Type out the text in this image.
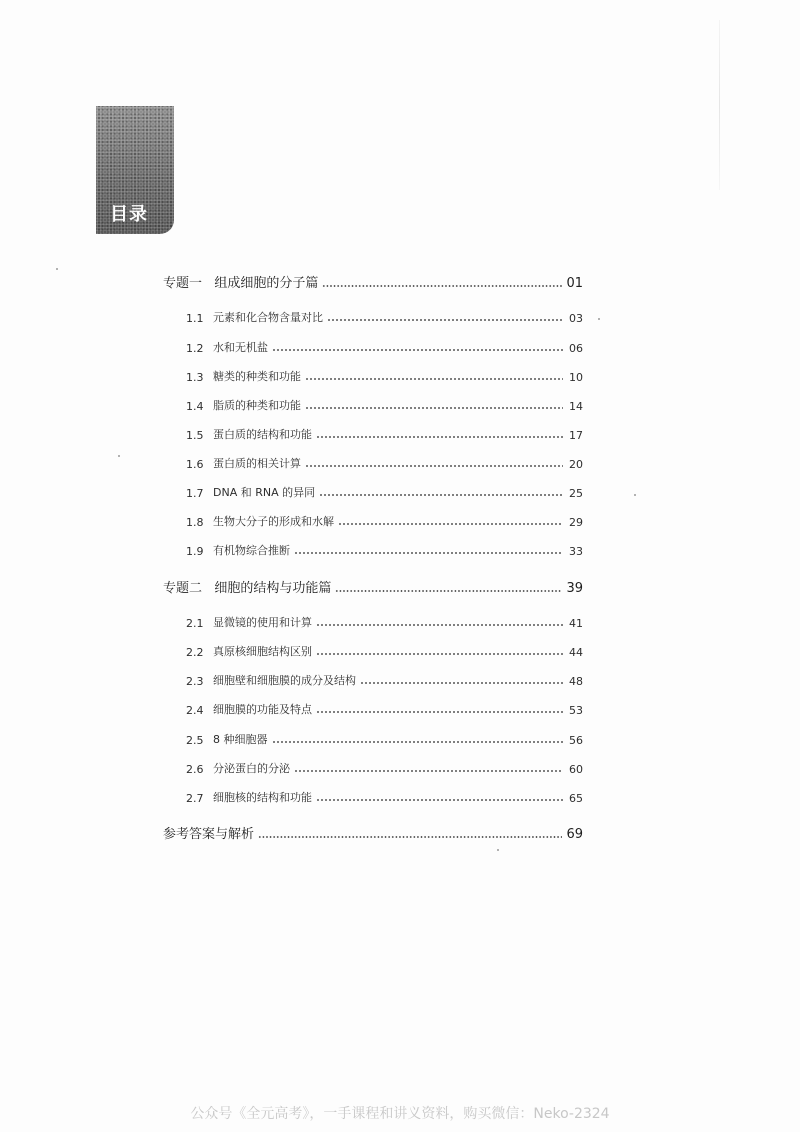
目录
专题一   组成细胞的分子篇	01
1.1 元素和化合物含量对比	03
1.2 水和无机盐	06
1.3 糖类的种类和功能	10
1.4 脂质的种类和功能	14
1.5 蛋白质的结构和功能	17
1.6 蛋白质的相关计算	20
1.7 DNA 和 RNA 的异同	25
1.8 生物大分子的形成和水解	29
1.9 有机物综合推断	33
专题二   细胞的结构与功能篇	39
2.1 显微镜的使用和计算	41
2.2 真原核细胞结构区别	44
2.3 细胞壁和细胞膜的成分及结构	48
2.4 细胞膜的功能及特点	53
2.5 8 种细胞器	56
2.6 分泌蛋白的分泌	60
2.7 细胞核的结构和功能	65
参考答案与解析	69
公众号《全元高考》，一手课程和讲义资料，购买微信：Neko-2324
